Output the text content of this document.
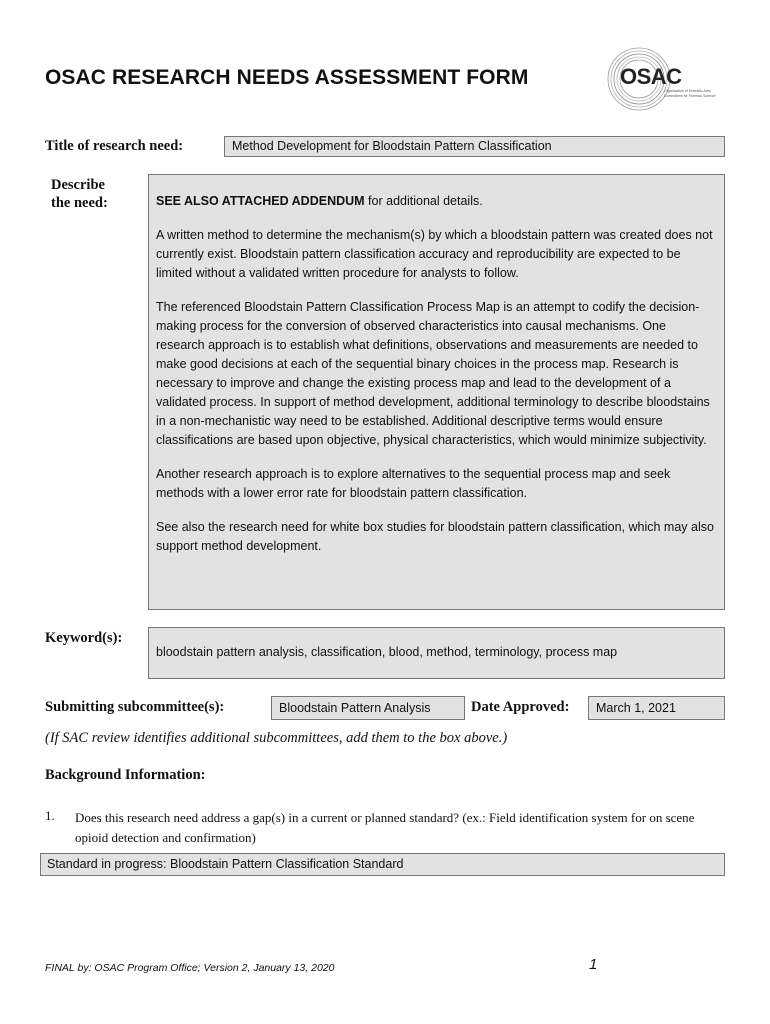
OSAC RESEARCH NEEDS ASSESSMENT FORM	OSAC
Organization of Scientific Area
Committees for Forensic Science
Title of research need:	Method Development for Bloodstain Pattern Classification
Describe
the need:	SEE ALSO ATTACHED ADDENDUM for additional details.

A written method to determine the mechanism(s) by which a bloodstain pattern was created does not currently exist. Bloodstain pattern classification accuracy and reproducibility are expected to be limited without a validated written procedure for analysts to follow.

The referenced Bloodstain Pattern Classification Process Map is an attempt to codify the decision-making process for the conversion of observed characteristics into causal mechanisms. One research approach is to establish what definitions, observations and measurements are needed to make good decisions at each of the sequential binary choices in the process map. Research is necessary to improve and change the existing process map and lead to the development of a validated process. In support of method development, additional terminology to describe bloodstains in a non-mechanistic way need to be established. Additional descriptive terms would ensure classifications are based upon objective, physical characteristics, which would minimize subjectivity.

Another research approach is to explore alternatives to the sequential process map and seek methods with a lower error rate for bloodstain pattern classification.

See also the research need for white box studies for bloodstain pattern classification, which may also support method development.

Keyword(s):
bloodstain pattern analysis, classification, blood, method, terminology, process map
Submitting subcommittee(s):	Bloodstain Pattern Analysis	Date Approved:	March 1, 2021
(If SAC review identifies additional subcommittees, add them to the box above.)
Background Information:
1. Does this research need address a gap(s) in a current or planned standard? (ex.: Field identification system for on scene opioid detection and confirmation)
Standard in progress: Bloodstain Pattern Classification Standard
FINAL by: OSAC Program Office; Version 2, January 13, 2020	1
